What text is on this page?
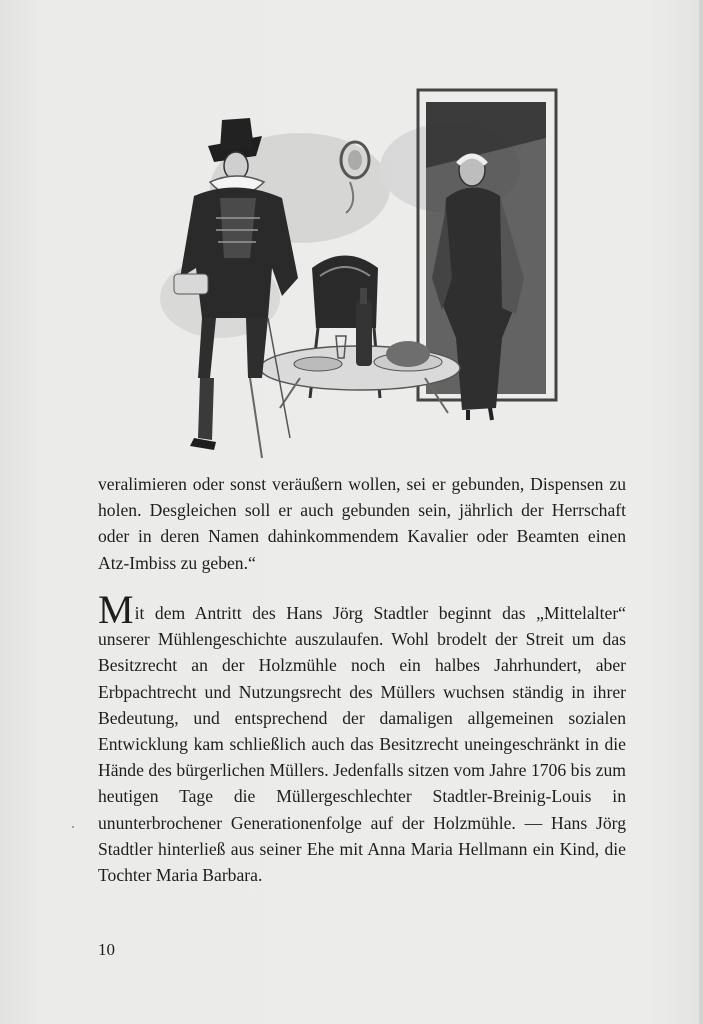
veralimieren oder sonst veräußern wollen, sei er gebunden, Dispensen zu holen. Desgleichen soll er auch gebunden sein, jährlich der Herrschaft oder in deren Namen dahinkommendem Kavalier oder Beamten einen Atz-Imbiss zu geben.“

Mit dem Antritt des Hans Jörg Stadtler beginnt das „Mittelalter“ unserer Mühlengeschichte auszulaufen. Wohl brodelt der Streit um das Besitzrecht an der Holzmühle noch ein halbes Jahrhundert, aber Erbpachtrecht und Nutzungsrecht des Müllers wuchsen ständig in ihrer Bedeutung, und entsprechend der damaligen allgemeinen sozialen Entwicklung kam schließlich auch das Besitzrecht uneingeschränkt in die Hände des bürgerlichen Müllers. Jedenfalls sitzen vom Jahre 1706 bis zum heutigen Tage die Müllergeschlechter Stadtler-Breinig-Louis in ununterbrochener Generationenfolge auf der Holzmühle. — Hans Jörg Stadtler hinterließ aus seiner Ehe mit Anna Maria Hellmann ein Kind, die Tochter Maria Barbara.

10
